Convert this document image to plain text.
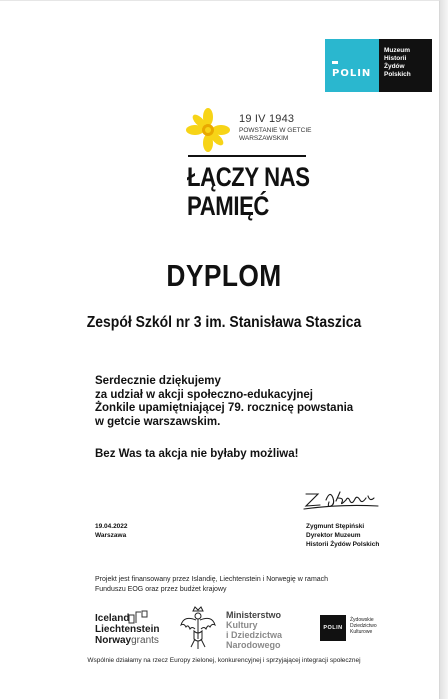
POLIN
Muzeum
Historii
Żydów
Polskich
19 IV 1943
POWSTANIE W GETCIE
WARSZAWSKIM
ŁĄCZY NAS
PAMIĘĆ
DYPLOM
Zespół Szkól nr 3 im. Stanisława Staszica
Serdecznie dziękujemy
za udział w akcji społeczno-edukacyjnej
Żonkile upamiętniającej 79. rocznicę powstania
w getcie warszawskim.
Bez Was ta akcja nie byłaby możliwa!
19.04.2022
Warszawa
Zygmunt Stępiński
Dyrektor Muzeum
Historii Żydów Polskich
Projekt jest finansowany przez Islandię, Liechtenstein i Norwegię w ramach
Funduszu EOG oraz przez budżet krajowy
Iceland
Liechtenstein
Norwaygrants
Ministerstwo
Kultury
i Dziedzictwa
Narodowego
POLIN
Żydowskie
Dziedzictwo
Kulturowe
Wspólnie działamy na rzecz Europy zielonej, konkurencyjnej i sprzyjającej integracji społecznej
